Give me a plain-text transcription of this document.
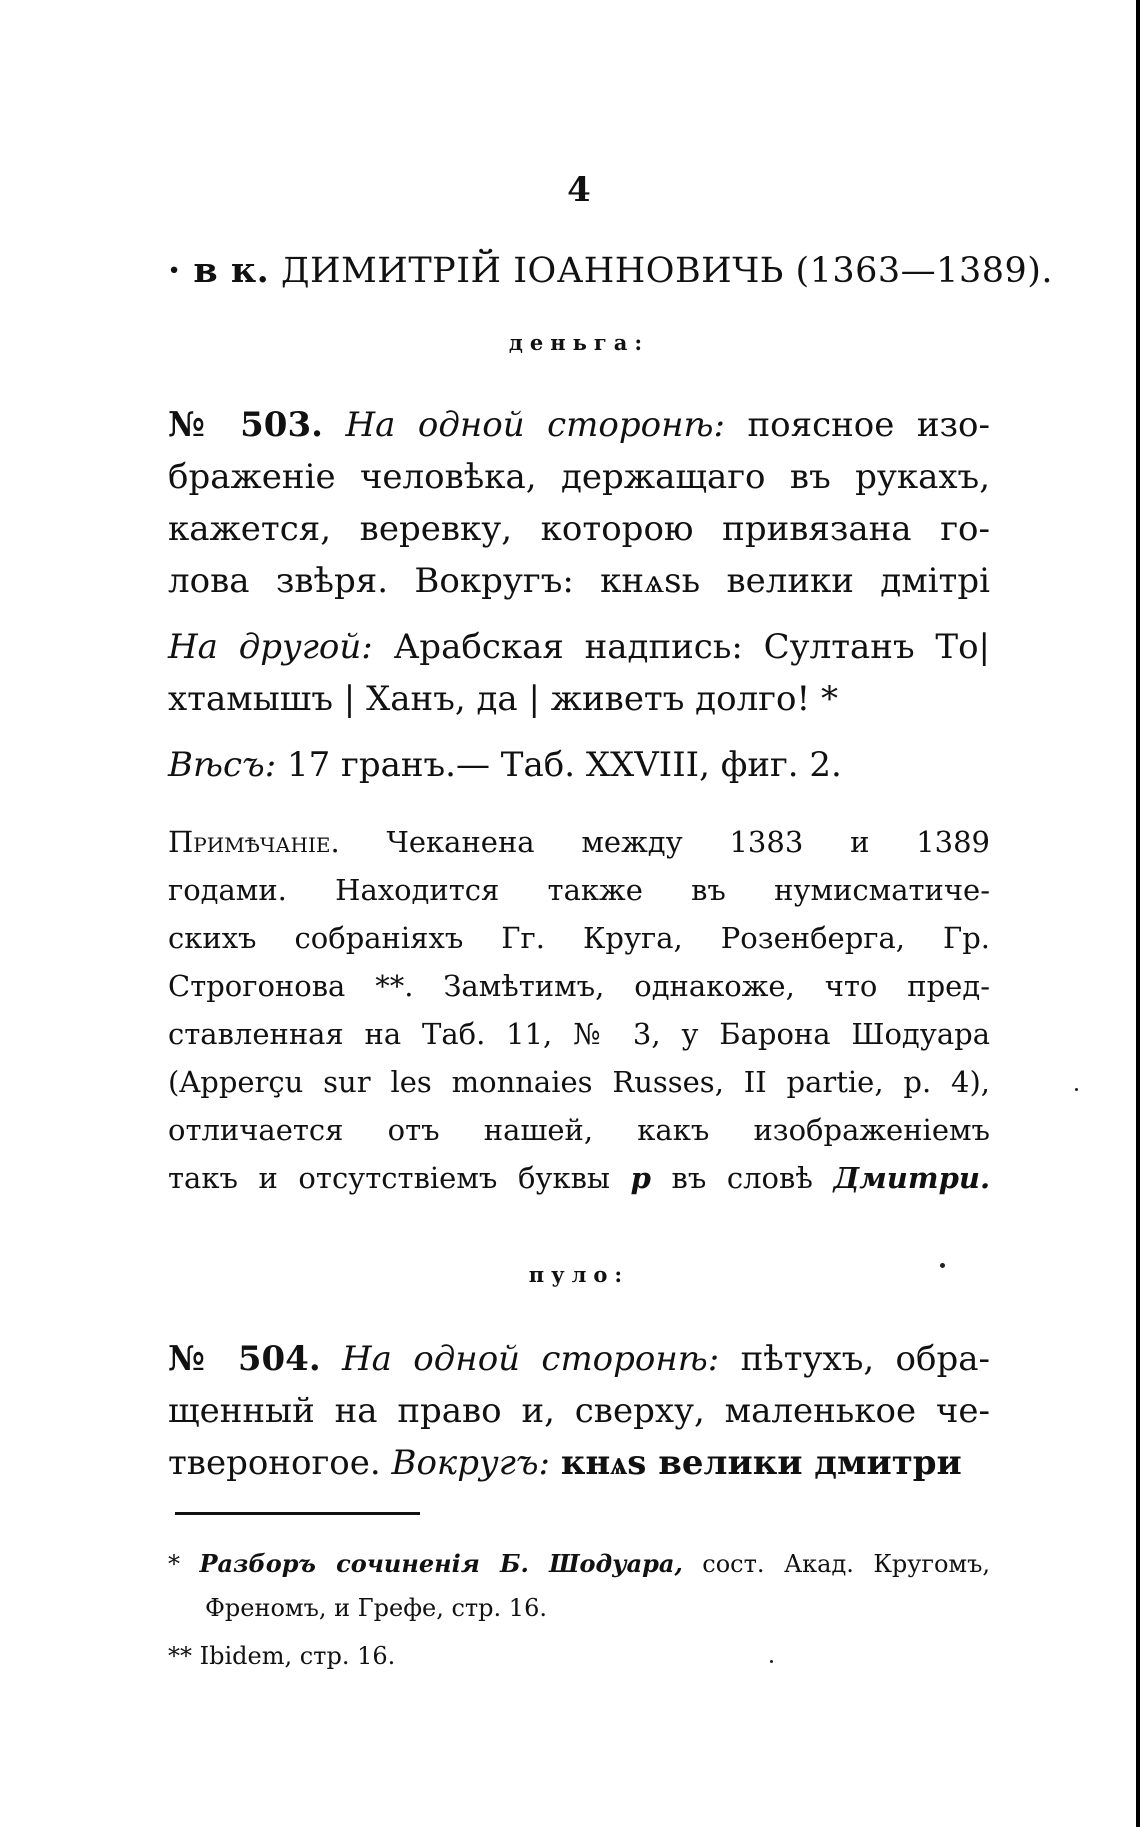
4
· в к. ДИМИТРІЙ ІОАННОВИЧЬ (1363—1389).
деньга:
№ 503. На одной сторонѣ: поясное изо-
браженіе человѣка, держащаго въ рукахъ,
кажется, веревку, которою привязана го-
лова звѣря. Вокругъ: кнѧѕь велики дмітрі
На другой: Арабская надпись: Султанъ То|
хтамышъ | Ханъ, да | живетъ долго! *
Вѣсъ: 17 гранъ.— Таб. XXVIII, фиг. 2.
Примѣчаніе. Чеканена между 1383 и 1389
годами. Находится также въ нумисматиче-
скихъ собраніяхъ Гг. Круга, Розенберга, Гр.
Строгонова **. Замѣтимъ, однакоже, что пред-
ставленная на Таб. 11, № 3, у Барона Шодуара
(Apperçu sur les monnaies Russes, II partie, p. 4),
отличается отъ нашей, какъ изображеніемъ
такъ и отсутствіемъ буквы р въ словѣ Дмитри.
пуло:
№ 504. На одной сторонѣ: пѣтухъ, обра-
щенный на право и, сверху, маленькое че-
твероногое. Вокругъ: кнѧѕ велики дмитри
* Разборъ сочиненія Б. Шодуара, сост. Акад. Кругомъ,
Френомъ, и Грефе, стр. 16.
** Ibidem, стр. 16.
